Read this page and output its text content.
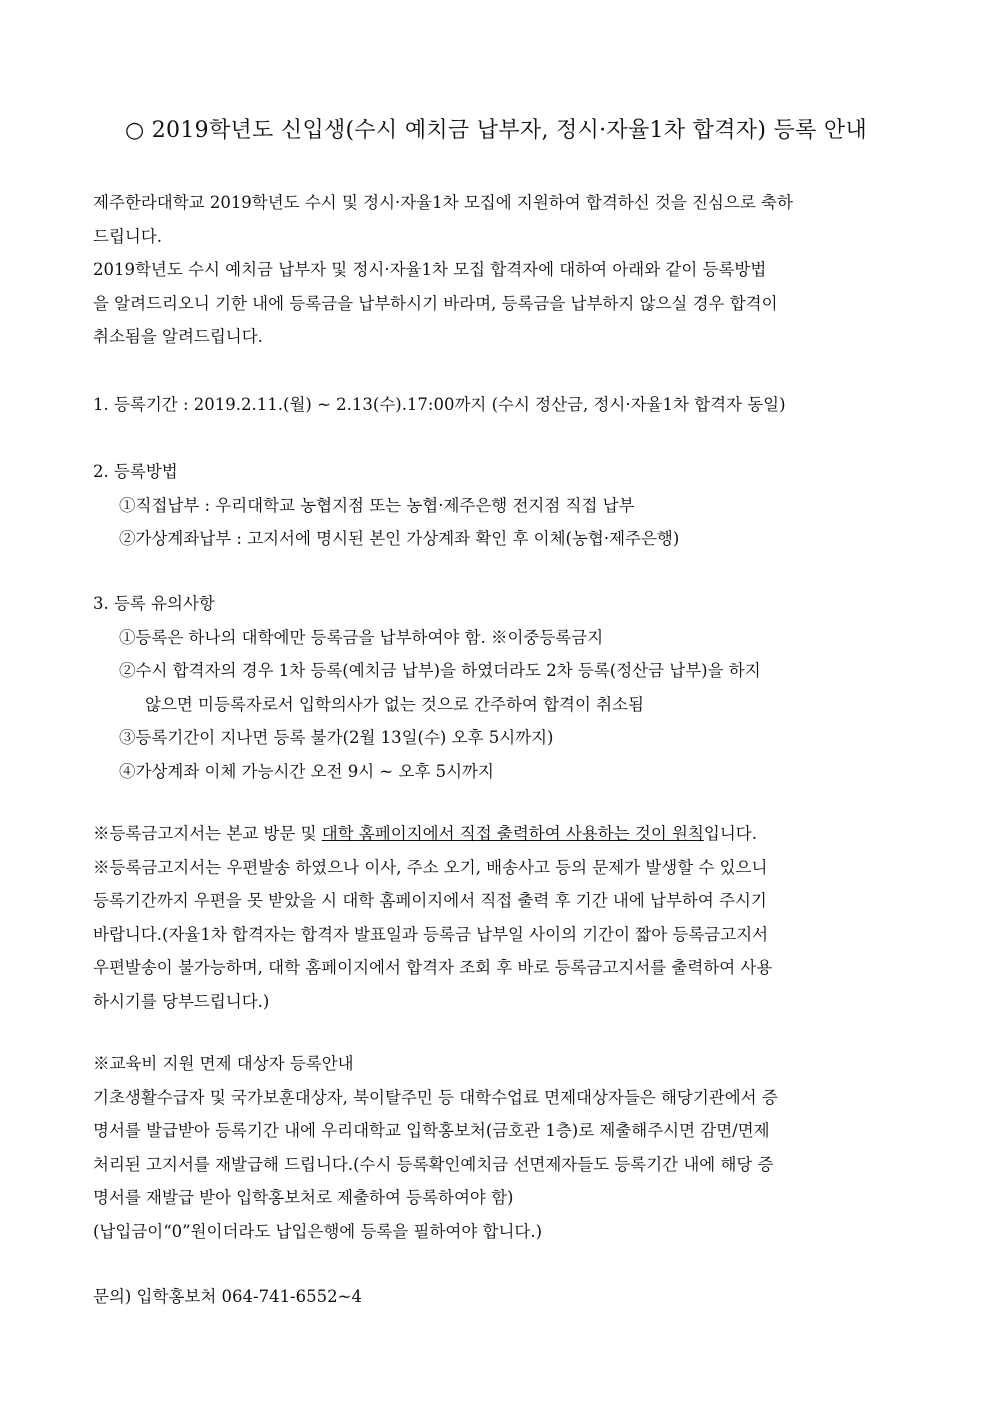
○ 2019학년도 신입생(수시 예치금 납부자, 정시·자율1차 합격자) 등록 안내

제주한라대학교 2019학년도 수시 및 정시·자율1차 모집에 지원하여 합격하신 것을 진심으로 축하
드립니다.
2019학년도 수시 예치금 납부자 및 정시·자율1차 모집 합격자에 대하여 아래와 같이 등록방법
을 알려드리오니 기한 내에 등록금을 납부하시기 바라며, 등록금을 납부하지 않으실 경우 합격이
취소됨을 알려드립니다.

1. 등록기간 : 2019.2.11.(월) ~ 2.13(수).17:00까지 (수시 정산금, 정시·자율1차 합격자 동일)

2. 등록방법
①직접납부 : 우리대학교 농협지점 또는 농협·제주은행 전지점 직접 납부
②가상계좌납부 : 고지서에 명시된 본인 가상계좌 확인 후 이체(농협·제주은행)

3. 등록 유의사항
①등록은 하나의 대학에만 등록금을 납부하여야 함. ※이중등록금지
②수시 합격자의 경우 1차 등록(예치금 납부)을 하였더라도 2차 등록(정산금 납부)을 하지
않으면 미등록자로서 입학의사가 없는 것으로 간주하여 합격이 취소됨
③등록기간이 지나면 등록 불가(2월 13일(수) 오후 5시까지)
④가상계좌 이체 가능시간 오전 9시 ~ 오후 5시까지

※등록금고지서는 본교 방문 및 대학 홈페이지에서 직접 출력하여 사용하는 것이 원칙입니다.
※등록금고지서는 우편발송 하였으나 이사, 주소 오기, 배송사고 등의 문제가 발생할 수 있으니
등록기간까지 우편을 못 받았을 시 대학 홈페이지에서 직접 출력 후 기간 내에 납부하여 주시기
바랍니다.(자율1차 합격자는 합격자 발표일과 등록금 납부일 사이의 기간이 짧아 등록금고지서
우편발송이 불가능하며, 대학 홈페이지에서 합격자 조회 후 바로 등록금고지서를 출력하여 사용
하시기를 당부드립니다.)

※교육비 지원 면제 대상자 등록안내
기초생활수급자 및 국가보훈대상자, 북이탈주민 등 대학수업료 면제대상자들은 해당기관에서 증
명서를 발급받아 등록기간 내에 우리대학교 입학홍보처(금호관 1층)로 제출해주시면 감면/면제
처리된 고지서를 재발급해 드립니다.(수시 등록확인예치금 선면제자들도 등록기간 내에 해당 증
명서를 재발급 받아 입학홍보처로 제출하여 등록하여야 함)
(납입금이“0”원이더라도 납입은행에 등록을 필하여야 합니다.)

문의) 입학홍보처 064-741-6552~4
